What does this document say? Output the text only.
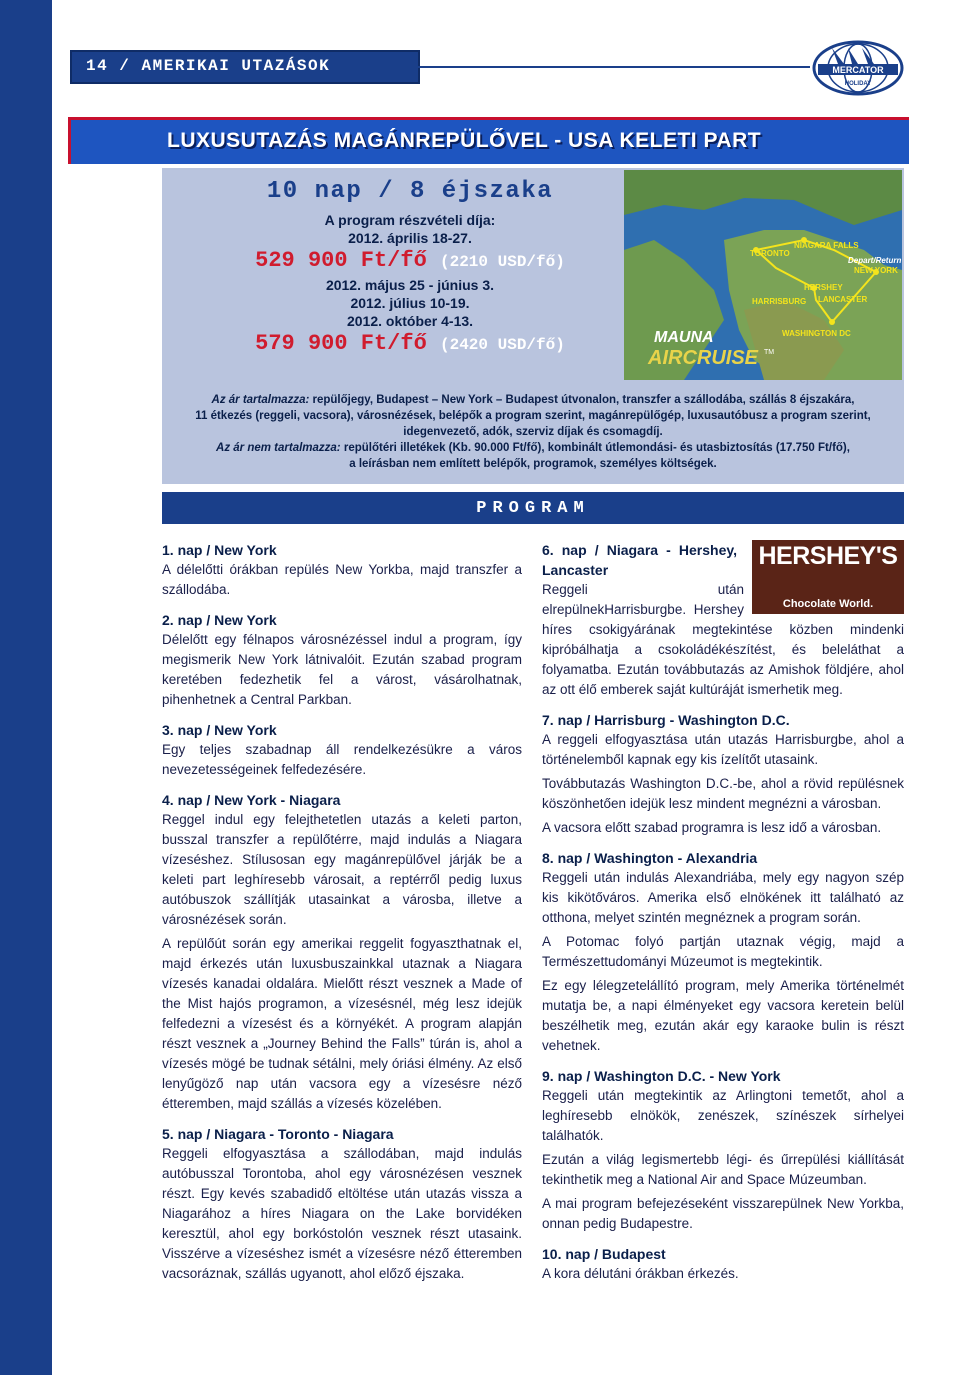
14 / AMERIKAI UTAZÁSOK	MERCATOR
HOLIDAY
LUXUSUTAZÁS MAGÁNREPÜLŐVEL - USA KELETI PART
10 nap / 8 éjszaka
A program részvételi díja:
2012. április 18-27.
529 900 Ft/fő (2210 USD/fő)
2012. május 25 - június 3.
2012. július 10-19.
2012. október 4-13.
579 900 Ft/fő (2420 USD/fő)
TORONTO
NIAGARA FALLS
Depart/Return
NEW YORK
HERSHEY
LANCASTER
HARRISBURG
WASHINGTON DC
MAUNA
AIRCRUISE TM
Az ár tartalmazza: repülőjegy, Budapest – New York – Budapest útvonalon, transzfer a szállodába, szállás 8 éjszakára,
11 étkezés (reggeli, vacsora), városnézések, belépők a program szerint, magánrepülőgép, luxusautóbusz a program szerint,
idegenvezető, adók, szerviz díjak és csomagdíj.
Az ár nem tartalmazza: repülőtéri illetékek (Kb. 90.000 Ft/fő), kombinált útlemondási- és utasbiztosítás (17.750 Ft/fő),
a leírásban nem említett belépők, programok, személyes költségek.
PROGRAM
1. nap / New York

A délelőtti órákban repülés New Yorkba, majd transzfer a szállodába.

2. nap / New York

Délelőtt egy félnapos városnézéssel indul a program, így megismerik New York látnivalóit. Ezután szabad program keretében fedezhetik fel a várost, vásárolhatnak, pihenhetnek a Central Parkban.

3. nap / New York

Egy teljes szabadnap áll rendelkezésükre a város nevezetességeinek felfedezésére.

4. nap / New York - Niagara

Reggel indul egy felejthetetlen utazás a keleti parton, busszal transzfer a repülőtérre, majd indulás a Niagara vízeséshez. Stílusosan egy magánrepülővel járják be a keleti part leghíresebb városait, a reptérről pedig luxus autóbuszok szállítják utasainkat a városba, illetve a városnézések során.

A repülőút során egy amerikai reggelit fogyaszthatnak el, majd érkezés után luxusbuszainkkal utaznak a Niagara vízesés kanadai oldalára. Mielőtt részt vesznek a Made of the Mist hajós programon, a vízesésnél, még lesz idejük felfedezni a vízesést és a környékét. A program alapján részt vesznek a „Journey Behind the Falls” túrán is, ahol a vízesés mögé be tudnak sétálni, mely óriási élmény. Az első lenyűgöző nap után vacsora egy a vízesésre néző étteremben, majd szállás a vízesés közelében.

5. nap / Niagara - Toronto - Niagara

Reggeli elfogyasztása a szállodában, majd indulás autóbusszal Torontoba, ahol egy városnézésen vesznek részt. Egy kevés szabadidő eltöltése után utazás vissza a Niagarához a híres Niagara on the Lake borvidéken keresztül, ahol egy borkóstolón vesznek részt utasaink. Visszérve a vízeséshez ismét a vízesésre néző étteremben vacsoráznak, szállás ugyanott, ahol előző éjszaka.

HERSHEY'S
Chocolate World.
6. nap / Niagara - Hershey, Lancaster

Reggeli után elrepülnekHarrisburgbe. Hershey híres csokigyárának megtekintése közben mindenki kipróbálhatja a csokoládékészítést, és beleláthat a folyamatba. Ezután továbbutazás az Amishok földjére, ahol az ott élő emberek saját kultúráját ismerhetik meg.

7. nap / Harrisburg - Washington D.C.

A reggeli elfogyasztása után utazás Harrisburgbe, ahol a történelemből kapnak egy kis ízelítőt utasaink.

Továbbutazás Washington D.C.-be, ahol a rövid repülésnek köszönhetően idejük lesz mindent megnézni a városban.

A vacsora előtt szabad programra is lesz idő a városban.

8. nap / Washington - Alexandria

Reggeli után indulás Alexandriába, mely egy nagyon szép kis kikötőváros. Amerika első elnökének itt található az otthona, melyet szintén megnéznek a program során.

A Potomac folyó partján utaznak végig, majd a Természettudományi Múzeumot is megtekintik.

Ez egy lélegzetelállító program, mely Amerika történelmét mutatja be, a napi élményeket egy vacsora keretein belül beszélhetik meg, ezután akár egy karaoke bulin is részt vehetnek.

9. nap / Washington D.C. - New York

Reggeli után megtekintik az Arlingtoni temetőt, ahol a leghíresebb elnökök, zenészek, színészek sírhelyei találhatók.

Ezután a világ legismertebb légi- és űrrepülési kiállítását tekinthetik meg a National Air and Space Múzeumban.

A mai program befejezéseként visszarepülnek New Yorkba, onnan pedig Budapestre.

10. nap / Budapest

A kora délutáni órákban érkezés.
